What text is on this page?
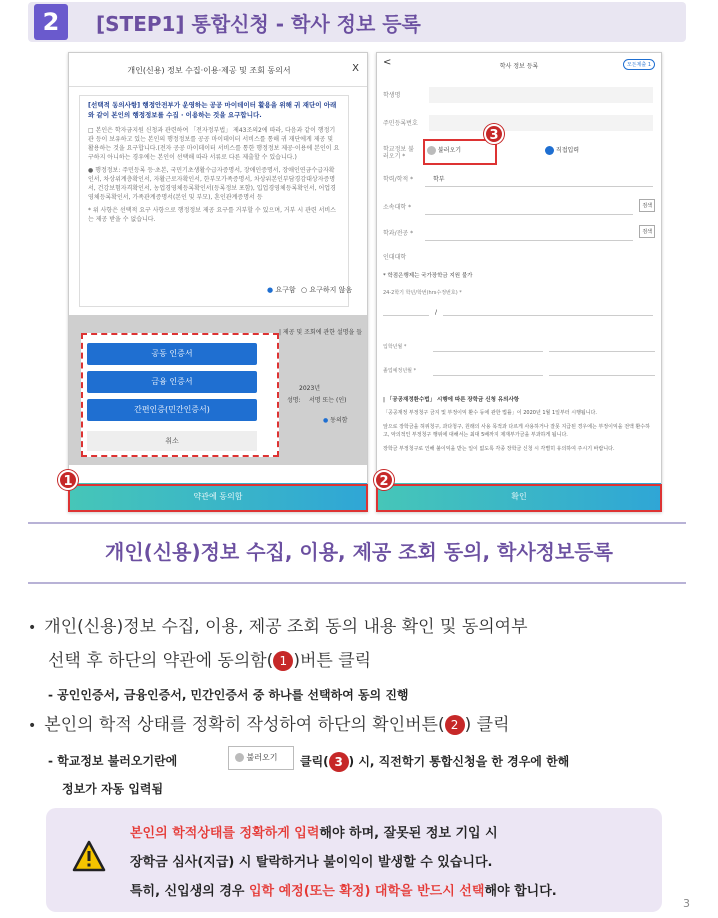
2	[STEP1] 통합신청 - 학사 정보 등록
개인(신용) 정보 수집·이용·제공 및 조회 동의서	X
[선택적 동의사항] 행정안전부가 운영하는 공공 마이데이터 활용을 위해 귀 재단이 아래와 같이 본인의 행정정보를 수집 · 이용하는 것을 요구합니다.
□ 본인은 학자금지원 신청과 관련하여 「전자정부법」 제43조의2에 따라, 다음과 같이 행정기관 등이 보유하고 있는 본인의 행정정보를 공공 마이데이터 서비스를 통해 귀 재단에게 제공 및 활용하는 것을 요구합니다.(전자 공공 마이데이터 서비스를 통한 행정정보 제공·이용에 본인이 요구하지 아니하는 경우에는 본인이 선택해 따라 서류로 다른 제출할 수 있습니다.)
● 행정정보: 주민등록 등·초본, 국민기초생활수급자증명서, 장애인증명서, 장애인연금수급자확인서, 차상위계층확인서, 자활근로자확인서, 한부모가족증명서, 차상위본인부담경감대상자증명서, 건강보험자격확인서, 농업경영체등록확인서(등록정보 포함), 입업경영체등록확인서, 어업경영체등록확인서, 가족관계증명서(본인 및 부모), 혼인관계증명서 등
* 위 사항은 선택적 요구 사항으로 행정정보 제공 요구를 거부할 수 있으며, 거부 시 관련 서비스는 제공 받을 수 없습니다.
● 요구함 ○ 요구하지 않음
| 제공 및 조회에 관한 설명을 들
2023년
성명: 서명 또는 (인)
● 동의함
공동 인증서
금융 인증서
간편인증(민간인증서)
취소
약관에 동의함
1
<	학사 정보 등록	모든제출 1
학생명
주민등록번호
학교정보 불러오기 *
불러오기	직접입력
학력/학적 *	학부
소속대학 *	검색
학과/전공 *	검색
인대대학
* 학점은행제는 국가장학금 지원 불가
24-2학기 학년/학번(hrs수정번호) *
/
입학년월 *
졸업예정년월 *
| 「공공재정환수법」 시행에 따른 장학금 신청 유의사항
「공공재정 부정청구 금지 및 부정이익 환수 등에 관한 법률」이 2020년 1월 1일부터 시행됩니다.
앞으로 장학금을 허위청구, 과다청구, 원래의 사용 목적과 다르게 사용하거나 잘못 지급된 경우에는 부정이익을 전액 환수하고, 악의적인 부정청구 행위에 대해서는 최대 5배까지 제재부가금을 부과하게 됩니다.
장학금 부정청구로 인해 불이익을 받는 일이 없도록 각종 장학금 신청 시 각별히 유의하여 주시기 바랍니다.
확인
2
3
개인(신용)정보 수집, 이용, 제공 조회 동의, 학사정보등록
• 개인(신용)정보 수집, 이용, 제공 조회 동의 내용 확인 및 동의여부
선택 후 하단의 약관에 동의함( 1 )버튼 클릭
- 공인인증서, 금융인증서, 민간인증서 중 하나를 선택하여 동의 진행
• 본인의 학적 상태를 정확히 작성하여 하단의 확인버튼( 2 ) 클릭
- 학교정보 불러오기란에	불러오기	클릭( 3 ) 시, 직전학기 통합신청을 한 경우에 한해
정보가 자동 입력됨
본인의 학적상태를 정확하게 입력해야 하며, 잘못된 정보 기입 시
장학금 심사(지급) 시 탈락하거나 불이익이 발생할 수 있습니다.
특히, 신입생의 경우 입학 예정(또는 확정) 대학을 반드시 선택해야 합니다.
3
